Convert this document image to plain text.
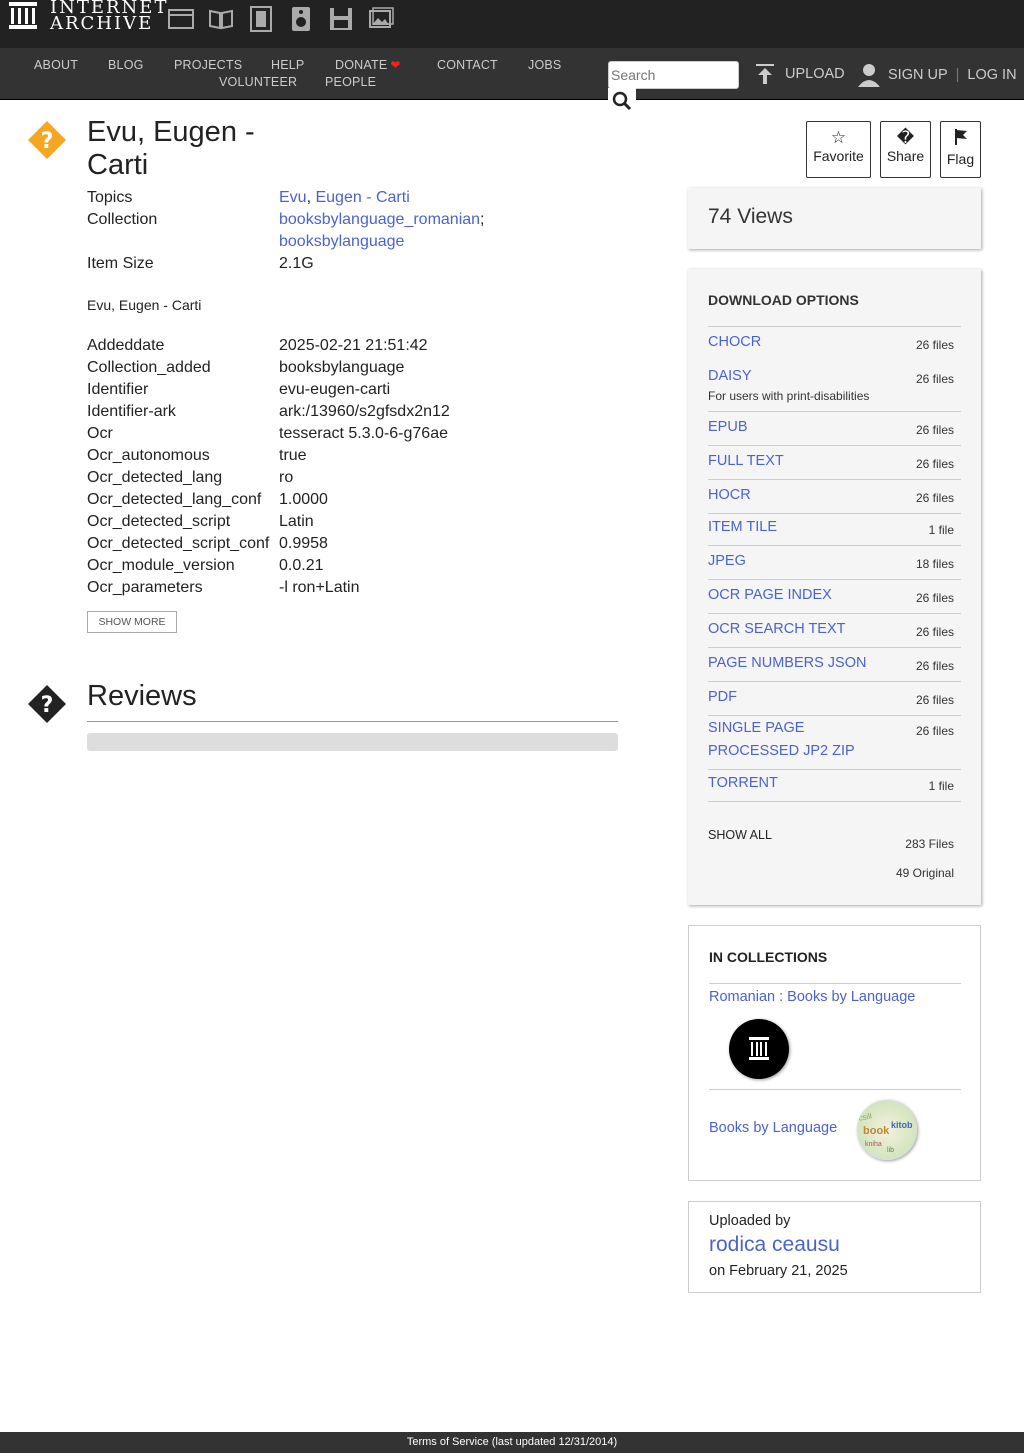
INTERNET
ARCHIVE
ABOUT BLOG PROJECTS HELP DONATE ❤	CONTACT JOBS
VOLUNTEER PEOPLE
Search	UPLOAD	SIGN UP | LOG IN
? Evu, Eugen -
Carti
☆
Favorite
�
Share	Flag
Topics	Evu, Eugen - Carti
Collection	booksbylanguage_romanian;
booksbylanguage
Item Size	2.1G
Evu, Eugen - Carti
Addeddate	2025-02-21 21:51:42
Collection_added	booksbylanguage
Identifier	evu-eugen-carti
Identifier-ark	ark:/13960/s2gfsdx2n12
Ocr	tesseract 5.3.0-6-g76ae
Ocr_autonomous	true
Ocr_detected_lang	ro
Ocr_detected_lang_conf	1.0000
Ocr_detected_script	Latin
Ocr_detected_script_conf 0.9958
Ocr_module_version	0.0.21
Ocr_parameters	-l ron+Latin
SHOW MORE
? Reviews
74 Views
DOWNLOAD OPTIONS
CHOCR	26 files
DAISY	26 files
For users with print-disabilities
EPUB	26 files
FULL TEXT	26 files
HOCR	26 files
ITEM TILE	1 file
JPEG	18 files
OCR PAGE INDEX	26 files
OCR SEARCH TEXT	26 files
PAGE NUMBERS JSON	26 files
PDF	26 files
SINGLE PAGE
PROCESSED JP2 ZIP
26 files
TORRENT	1 file
SHOW ALL
283 Files
49 Original
IN COLLECTIONS
Romanian : Books by Language
Books by Language
csill
book kitob
kniha
lib
Uploaded by
rodica ceausu
on February 21, 2025
Terms of Service (last updated 12/31/2014)
